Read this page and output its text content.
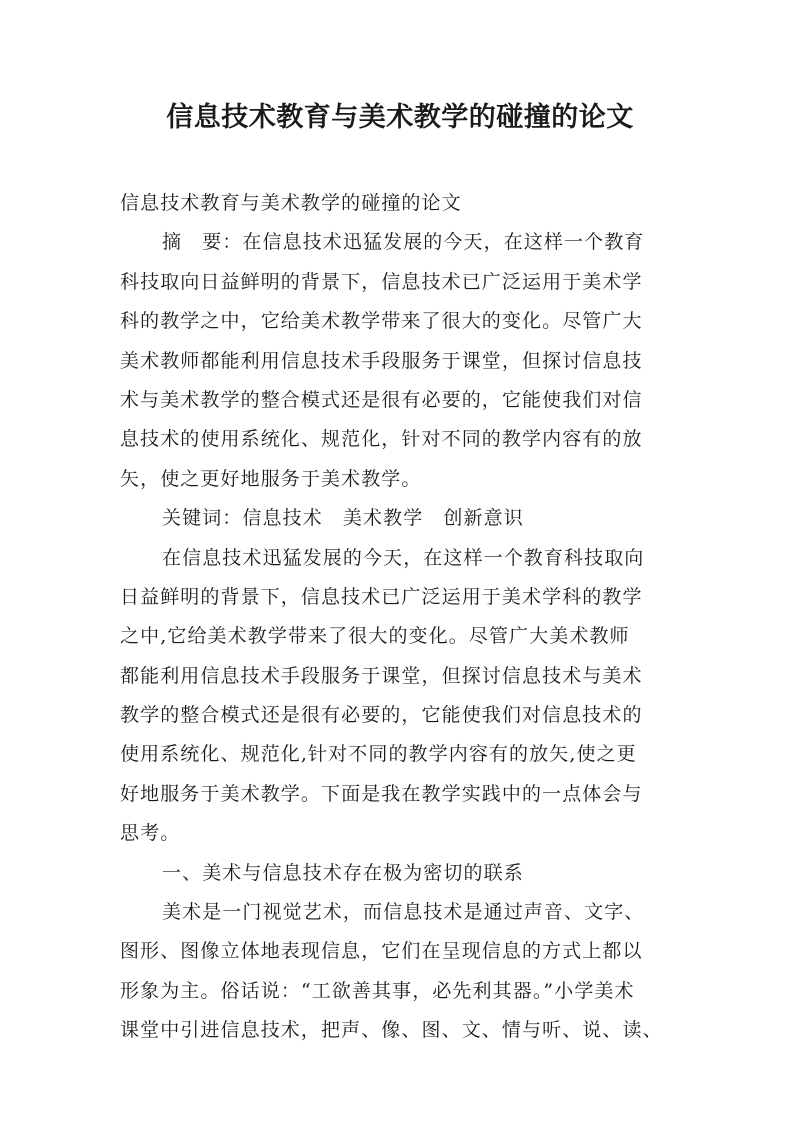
信息技术教育与美术教学的碰撞的论文
信息技术教育与美术教学的碰撞的论文
摘　要：在信息技术迅猛发展的今天，在这样一个教育
科技取向日益鲜明的背景下，信息技术已广泛运用于美术学
科的教学之中，它给美术教学带来了很大的变化。尽管广大
美术教师都能利用信息技术手段服务于课堂，但探讨信息技
术与美术教学的整合模式还是很有必要的，它能使我们对信
息技术的使用系统化、规范化，针对不同的教学内容有的放
矢，使之更好地服务于美术教学。
关键词：信息技术　美术教学　创新意识
在信息技术迅猛发展的今天，在这样一个教育科技取向
日益鲜明的背景下，信息技术已广泛运用于美术学科的教学
之中,它给美术教学带来了很大的变化。尽管广大美术教师
都能利用信息技术手段服务于课堂，但探讨信息技术与美术
教学的整合模式还是很有必要的，它能使我们对信息技术的
使用系统化、规范化,针对不同的教学内容有的放矢,使之更
好地服务于美术教学。下面是我在教学实践中的一点体会与
思考。
一、美术与信息技术存在极为密切的联系
美术是一门视觉艺术，而信息技术是通过声音、文字、
图形、图像立体地表现信息，它们在呈现信息的方式上都以
形象为主。俗话说：“工欲善其事，必先利其器。”小学美术
课堂中引进信息技术，把声、像、图、文、情与听、说、读、
